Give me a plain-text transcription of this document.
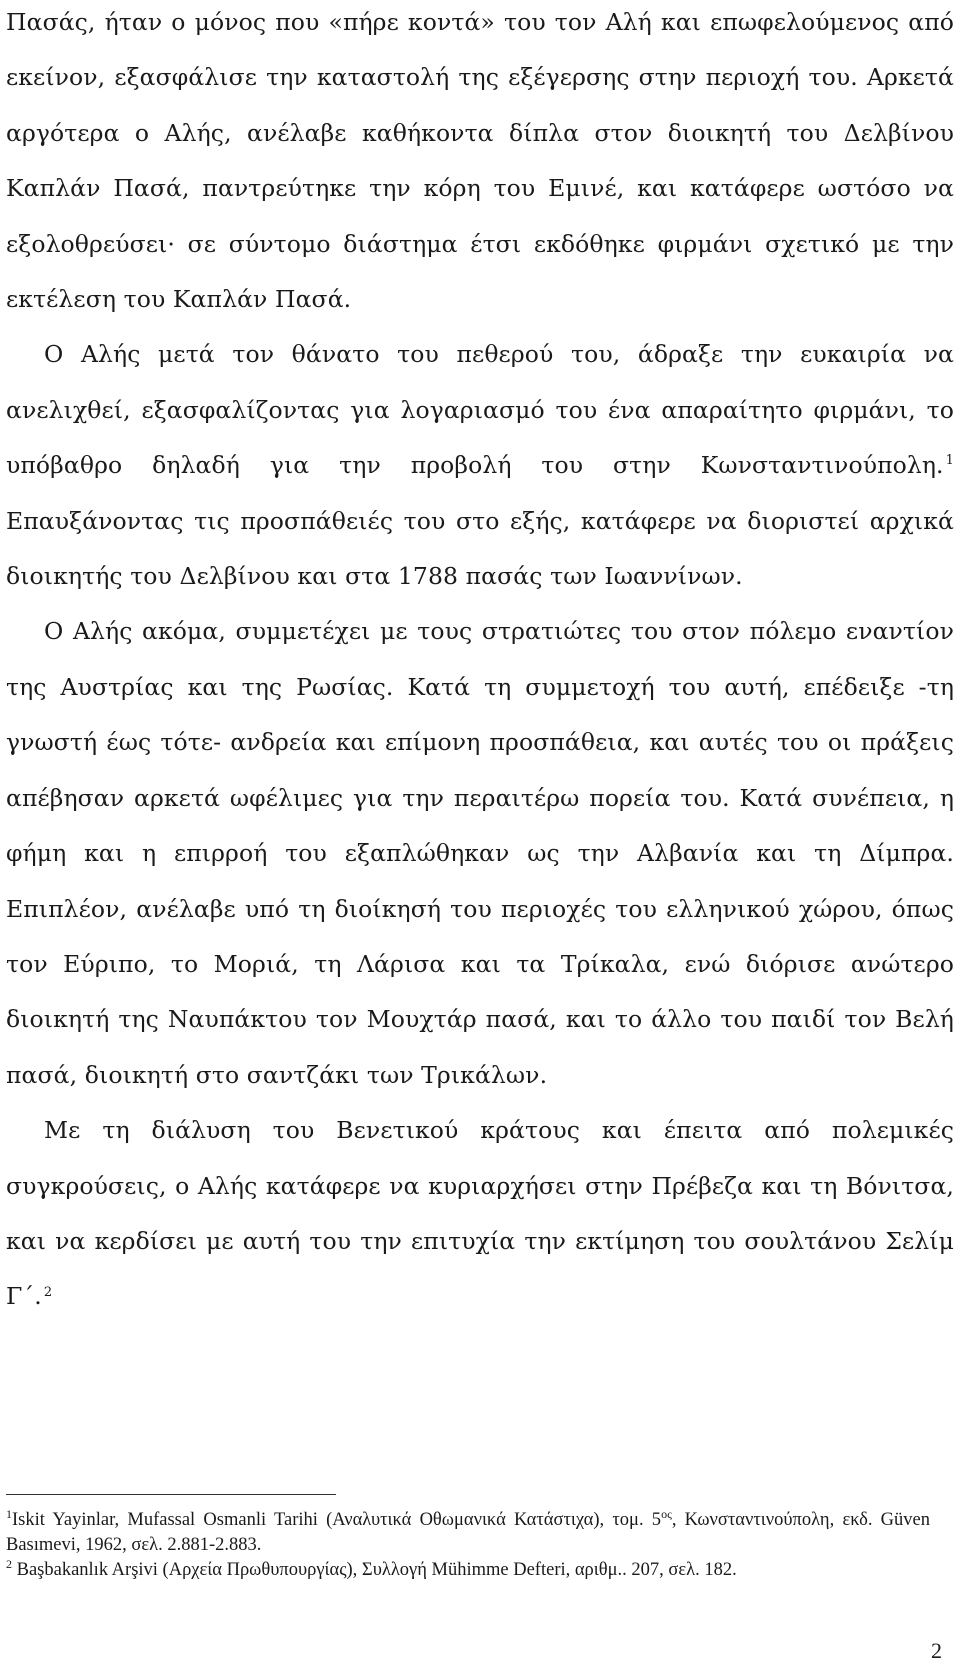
Πασάς, ήταν ο μόνος που «πήρε κοντά» του τον Αλή και επωφελούμενος από εκείνον, εξασφάλισε την καταστολή της εξέγερσης στην περιοχή του. Αρκετά αργότερα ο Αλής, ανέλαβε καθήκοντα δίπλα στον διοικητή του Δελβίνου Καπλάν Πασά, παντρεύτηκε την κόρη του Εμινέ, και κατάφερε ωστόσο να εξολοθρεύσει· σε σύντομο διάστημα έτσι εκδόθηκε φιρμάνι σχετικό με την εκτέλεση του Καπλάν Πασά.

Ο Αλής μετά τον θάνατο του πεθερού του, άδραξε την ευκαιρία να ανελιχθεί, εξασφαλίζοντας για λογαριασμό του ένα απαραίτητο φιρμάνι, το υπόβαθρο δηλαδή για την προβολή του στην Κωνσταντινούπολη. $^1$ Επαυξάνοντας τις προσπάθειές του στο εξής, κατάφερε να διοριστεί αρχικά διοικητής του Δελβίνου και στα 1788 πασάς των Ιωαννίνων.

Ο Αλής ακόμα, συμμετέχει με τους στρατιώτες του στον πόλεμο εναντίον της Αυστρίας και της Ρωσίας. Κατά τη συμμετοχή του αυτή, επέδειξε -τη γνωστή έως τότε- ανδρεία και επίμονη προσπάθεια, και αυτές του οι πράξεις απέβησαν αρκετά ωφέλιμες για την περαιτέρω πορεία του. Κατά συνέπεια, η φήμη και η επιρροή του εξαπλώθηκαν ως την Αλβανία και τη Δίμπρα. Επιπλέον, ανέλαβε υπό τη διοίκησή του περιοχές του ελληνικού χώρου, όπως τον Εύριπο, το Μοριά, τη Λάρισα και τα Τρίκαλα, ενώ διόρισε ανώτερο διοικητή της Ναυπάκτου τον Μουχτάρ πασά, και το άλλο του παιδί τον Βελή πασά, διοικητή στο σαντζάκι των Τρικάλων.

Με τη διάλυση του Βενετικού κράτους και έπειτα από πολεμικές συγκρούσεις, ο Αλής κατάφερε να κυριαρχήσει στην Πρέβεζα και τη Βόνιτσα, και να κερδίσει με αυτή του την επιτυχία την εκτίμηση του σουλτάνου Σελίμ Γ΄. $^2$

$^1$Iskit Yayinlar, Mufassal Osmanli Tarihi (Αναλυτικά Οθωμανικά Κατάστιχα), τομ. $5^{o\varsigma}$, Κωνσταντινούπολη, εκδ. Güven Basımevi, 1962, σελ. 2.881-2.883.

$^2$ Başbakanlık Arşivi (Αρχεία Πρωθυπουργίας), Συλλογή Mühimme Defteri, αριθμ.. 207, σελ. 182.

2
